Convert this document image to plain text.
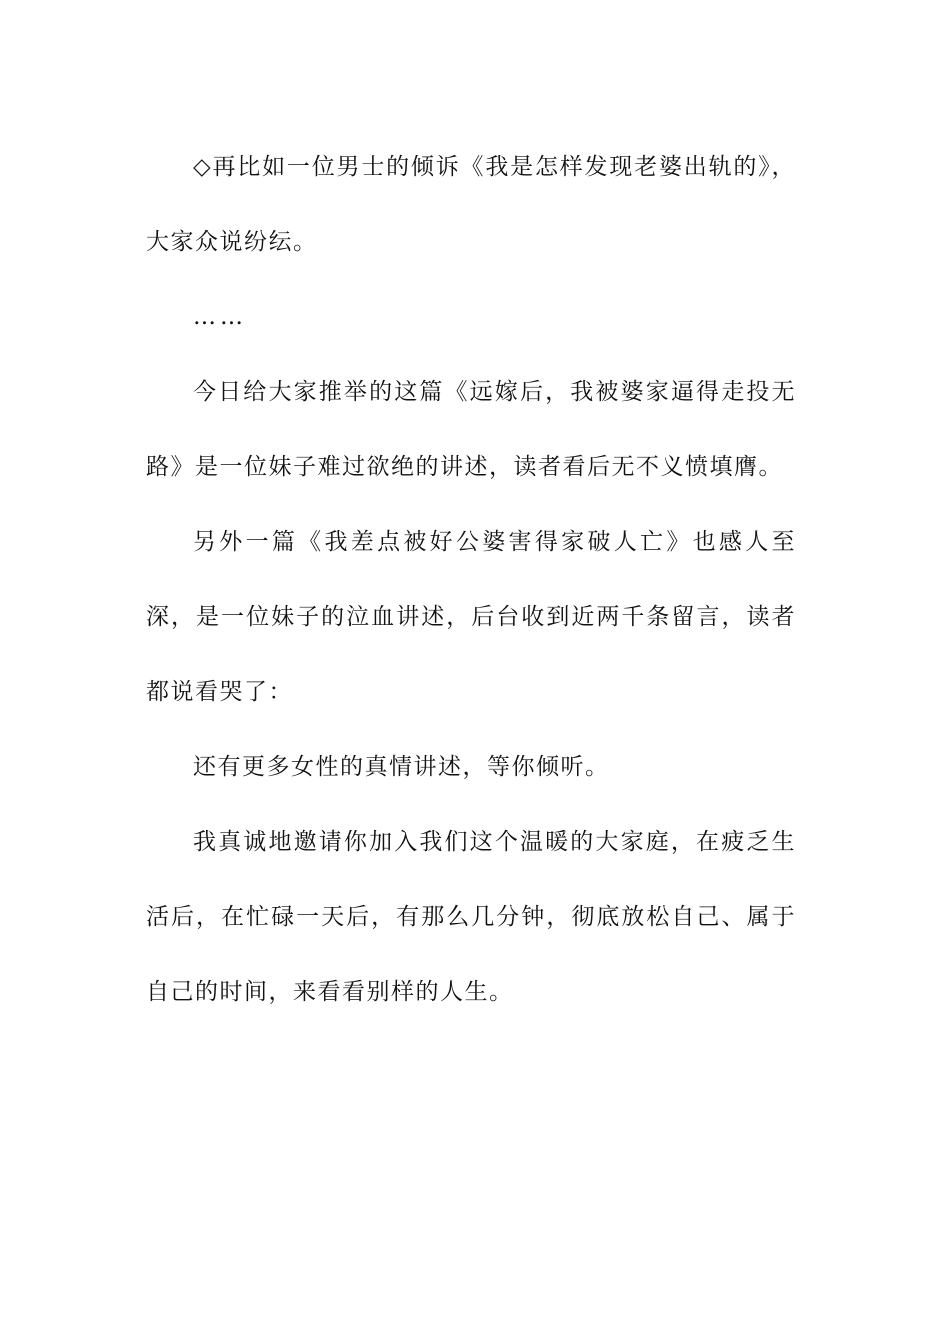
◇再比如一位男士的倾诉《我是怎样发现老婆出轨的》，大家众说纷纭。

……

今日给大家推举的这篇《远嫁后，我被婆家逼得走投无路》是一位妹子难过欲绝的讲述，读者看后无不义愤填膺。

另外一篇《我差点被好公婆害得家破人亡》也感人至深，是一位妹子的泣血讲述，后台收到近两千条留言，读者都说看哭了：

还有更多女性的真情讲述，等你倾听。

我真诚地邀请你加入我们这个温暖的大家庭，在疲乏生活后，在忙碌一天后，有那么几分钟，彻底放松自己、属于自己的时间，来看看别样的人生。
